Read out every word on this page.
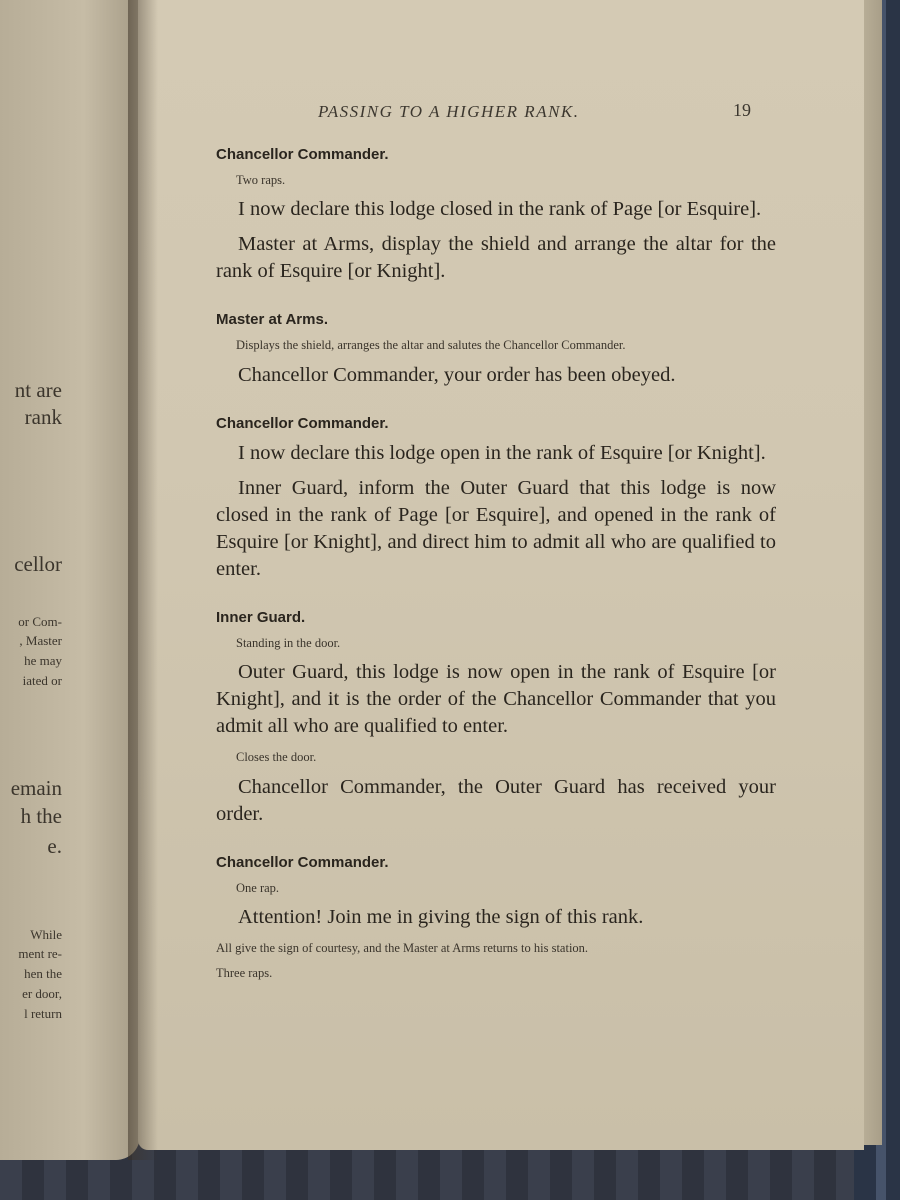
nt are

rank

cellor

or Com-

, Master

he may

iated or

emain

h the

e.

While

ment re-

hen the

er door,

l return

PASSING TO A HIGHER RANK.	19

Chancellor Commander.

Two raps.

I now declare this lodge closed in the rank of Page [or Esquire].

Master at Arms, display the shield and arrange the altar for the rank of Esquire [or Knight].

Master at Arms.

Displays the shield, arranges the altar and salutes the Chancellor Commander.

Chancellor Commander, your order has been obeyed.

Chancellor Commander.

I now declare this lodge open in the rank of Esquire [or Knight].

Inner Guard, inform the Outer Guard that this lodge is now closed in the rank of Page [or Esquire], and opened in the rank of Esquire [or Knight], and direct him to admit all who are qualified to enter.

Inner Guard.

Standing in the door.

Outer Guard, this lodge is now open in the rank of Esquire [or Knight], and it is the order of the Chancellor Commander that you admit all who are qualified to enter.

Closes the door.

Chancellor Commander, the Outer Guard has received your order.

Chancellor Commander.

One rap.

Attention! Join me in giving the sign of this rank.

All give the sign of courtesy, and the Master at Arms returns to his station.

Three raps.
